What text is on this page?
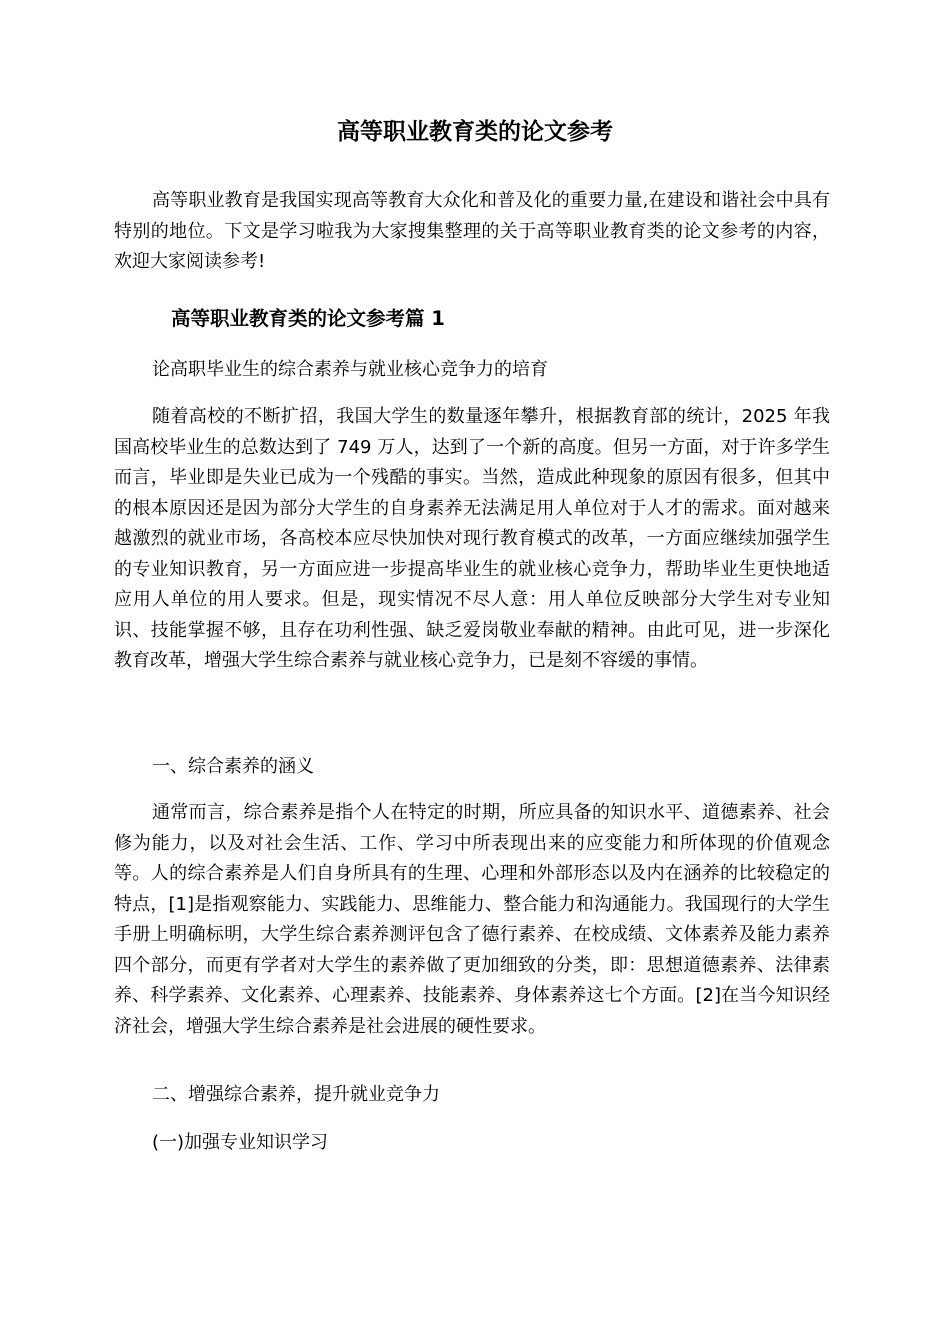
高等职业教育类的论文参考

高等职业教育是我国实现高等教育大众化和普及化的重要力量,在建设和谐社会中具有特别的地位。下文是学习啦我为大家搜集整理的关于高等职业教育类的论文参考的内容，欢迎大家阅读参考!

高等职业教育类的论文参考篇 1

论高职毕业生的综合素养与就业核心竞争力的培育

随着高校的不断扩招，我国大学生的数量逐年攀升，根据教育部的统计，2025 年我国高校毕业生的总数达到了 749 万人，达到了一个新的高度。但另一方面，对于许多学生而言，毕业即是失业已成为一个残酷的事实。当然，造成此种现象的原因有很多，但其中的根本原因还是因为部分大学生的自身素养无法满足用人单位对于人才的需求。面对越来越激烈的就业市场，各高校本应尽快加快对现行教育模式的改革，一方面应继续加强学生的专业知识教育，另一方面应进一步提高毕业生的就业核心竞争力，帮助毕业生更快地适应用人单位的用人要求。但是，现实情况不尽人意：用人单位反映部分大学生对专业知识、技能掌握不够，且存在功利性强、缺乏爱岗敬业奉献的精神。由此可见，进一步深化教育改革，增强大学生综合素养与就业核心竞争力，已是刻不容缓的事情。

一、综合素养的涵义

通常而言，综合素养是指个人在特定的时期，所应具备的知识水平、道德素养、社会修为能力，以及对社会生活、工作、学习中所表现出来的应变能力和所体现的价值观念等。人的综合素养是人们自身所具有的生理、心理和外部形态以及内在涵养的比较稳定的特点，[1]是指观察能力、实践能力、思维能力、整合能力和沟通能力。我国现行的大学生手册上明确标明，大学生综合素养测评包含了德行素养、在校成绩、文体素养及能力素养四个部分，而更有学者对大学生的素养做了更加细致的分类，即：思想道德素养、法律素养、科学素养、文化素养、心理素养、技能素养、身体素养这七个方面。[2]在当今知识经济社会，增强大学生综合素养是社会进展的硬性要求。

二、增强综合素养，提升就业竞争力

(一)加强专业知识学习
